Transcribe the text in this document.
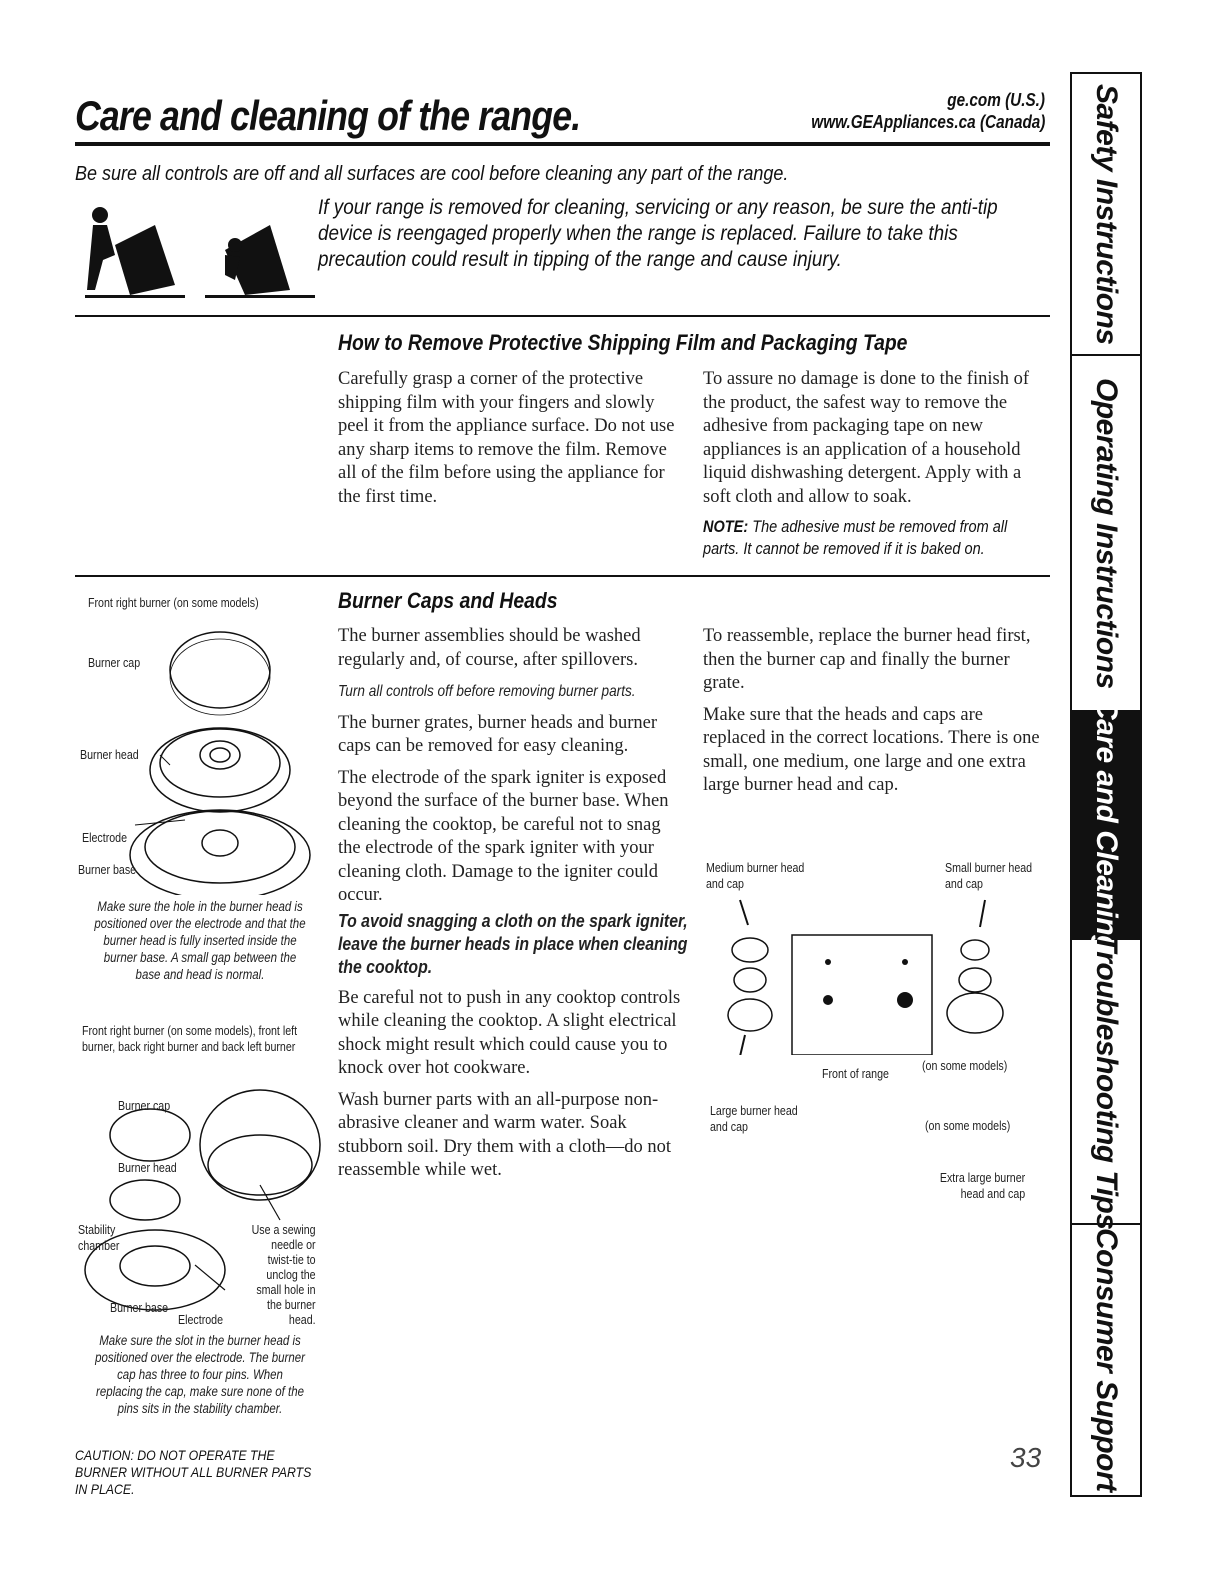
Care and cleaning of the range.	ge.com (U.S.)
www.GEAppliances.ca (Canada)
Be sure all controls are off and all surfaces are cool before cleaning any part of the range.
If your range is removed for cleaning, servicing or any reason, be sure the anti-tip device is reengaged properly when the range is replaced. Failure to take this precaution could result in tipping of the range and cause injury.
How to Remove Protective Shipping Film and Packaging Tape
Carefully grasp a corner of the protective shipping film with your fingers and slowly peel it from the appliance surface. Do not use any sharp items to remove the film. Remove all of the film before using the appliance for the first time.
To assure no damage is done to the finish of the product, the safest way to remove the adhesive from packaging tape on new appliances is an application of a household liquid dishwashing detergent. Apply with a soft cloth and allow to soak.
NOTE: The adhesive must be removed from all parts. It cannot be removed if it is baked on.
Front right burner (on some models)
Burner cap
Burner head
Electrode
Burner base
Make sure the hole in the burner head is positioned over the electrode and that the burner head is fully inserted inside the burner base. A small gap between the base and head is normal.
Front right burner (on some models), front left burner, back right burner and back left burner
Burner cap
Burner head
Stability chamber
Burner base
Electrode
Use a sewing needle or twist-tie to unclog the small hole in the burner head.
Make sure the slot in the burner head is positioned over the electrode. The burner cap has three to four pins. When replacing the cap, make sure none of the pins sits in the stability chamber.
Burner Caps and Heads

The burner assemblies should be washed regularly and, of course, after spillovers.

Turn all controls off before removing burner parts.

The burner grates, burner heads and burner caps can be removed for easy cleaning.

The electrode of the spark igniter is exposed beyond the surface of the burner base. When cleaning the cooktop, be careful not to snag the electrode of the spark igniter with your cleaning cloth. Damage to the igniter could occur.

To avoid snagging a cloth on the spark igniter, leave the burner heads in place when cleaning the cooktop.

Be careful not to push in any cooktop controls while cleaning the cooktop. A slight electrical shock might result which could cause you to knock over hot cookware.

Wash burner parts with an all-purpose non-abrasive cleaner and warm water. Soak stubborn soil. Dry them with a cloth—do not reassemble while wet.

To reassemble, replace the burner head first, then the burner cap and finally the burner grate.

Make sure that the heads and caps are replaced in the correct locations. There is one small, one medium, one large and one extra large burner head and cap.

Medium burner head and cap
Small burner head and cap
Front of range
(on some models)
Large burner head and cap	(on some models)
Extra large burner head and cap
CAUTION: DO NOT OPERATE THE BURNER WITHOUT ALL BURNER PARTS IN PLACE.
33
Safety Instructions
Operating Instructions
Care and Cleaning
Troubleshooting Tips
Consumer Support
